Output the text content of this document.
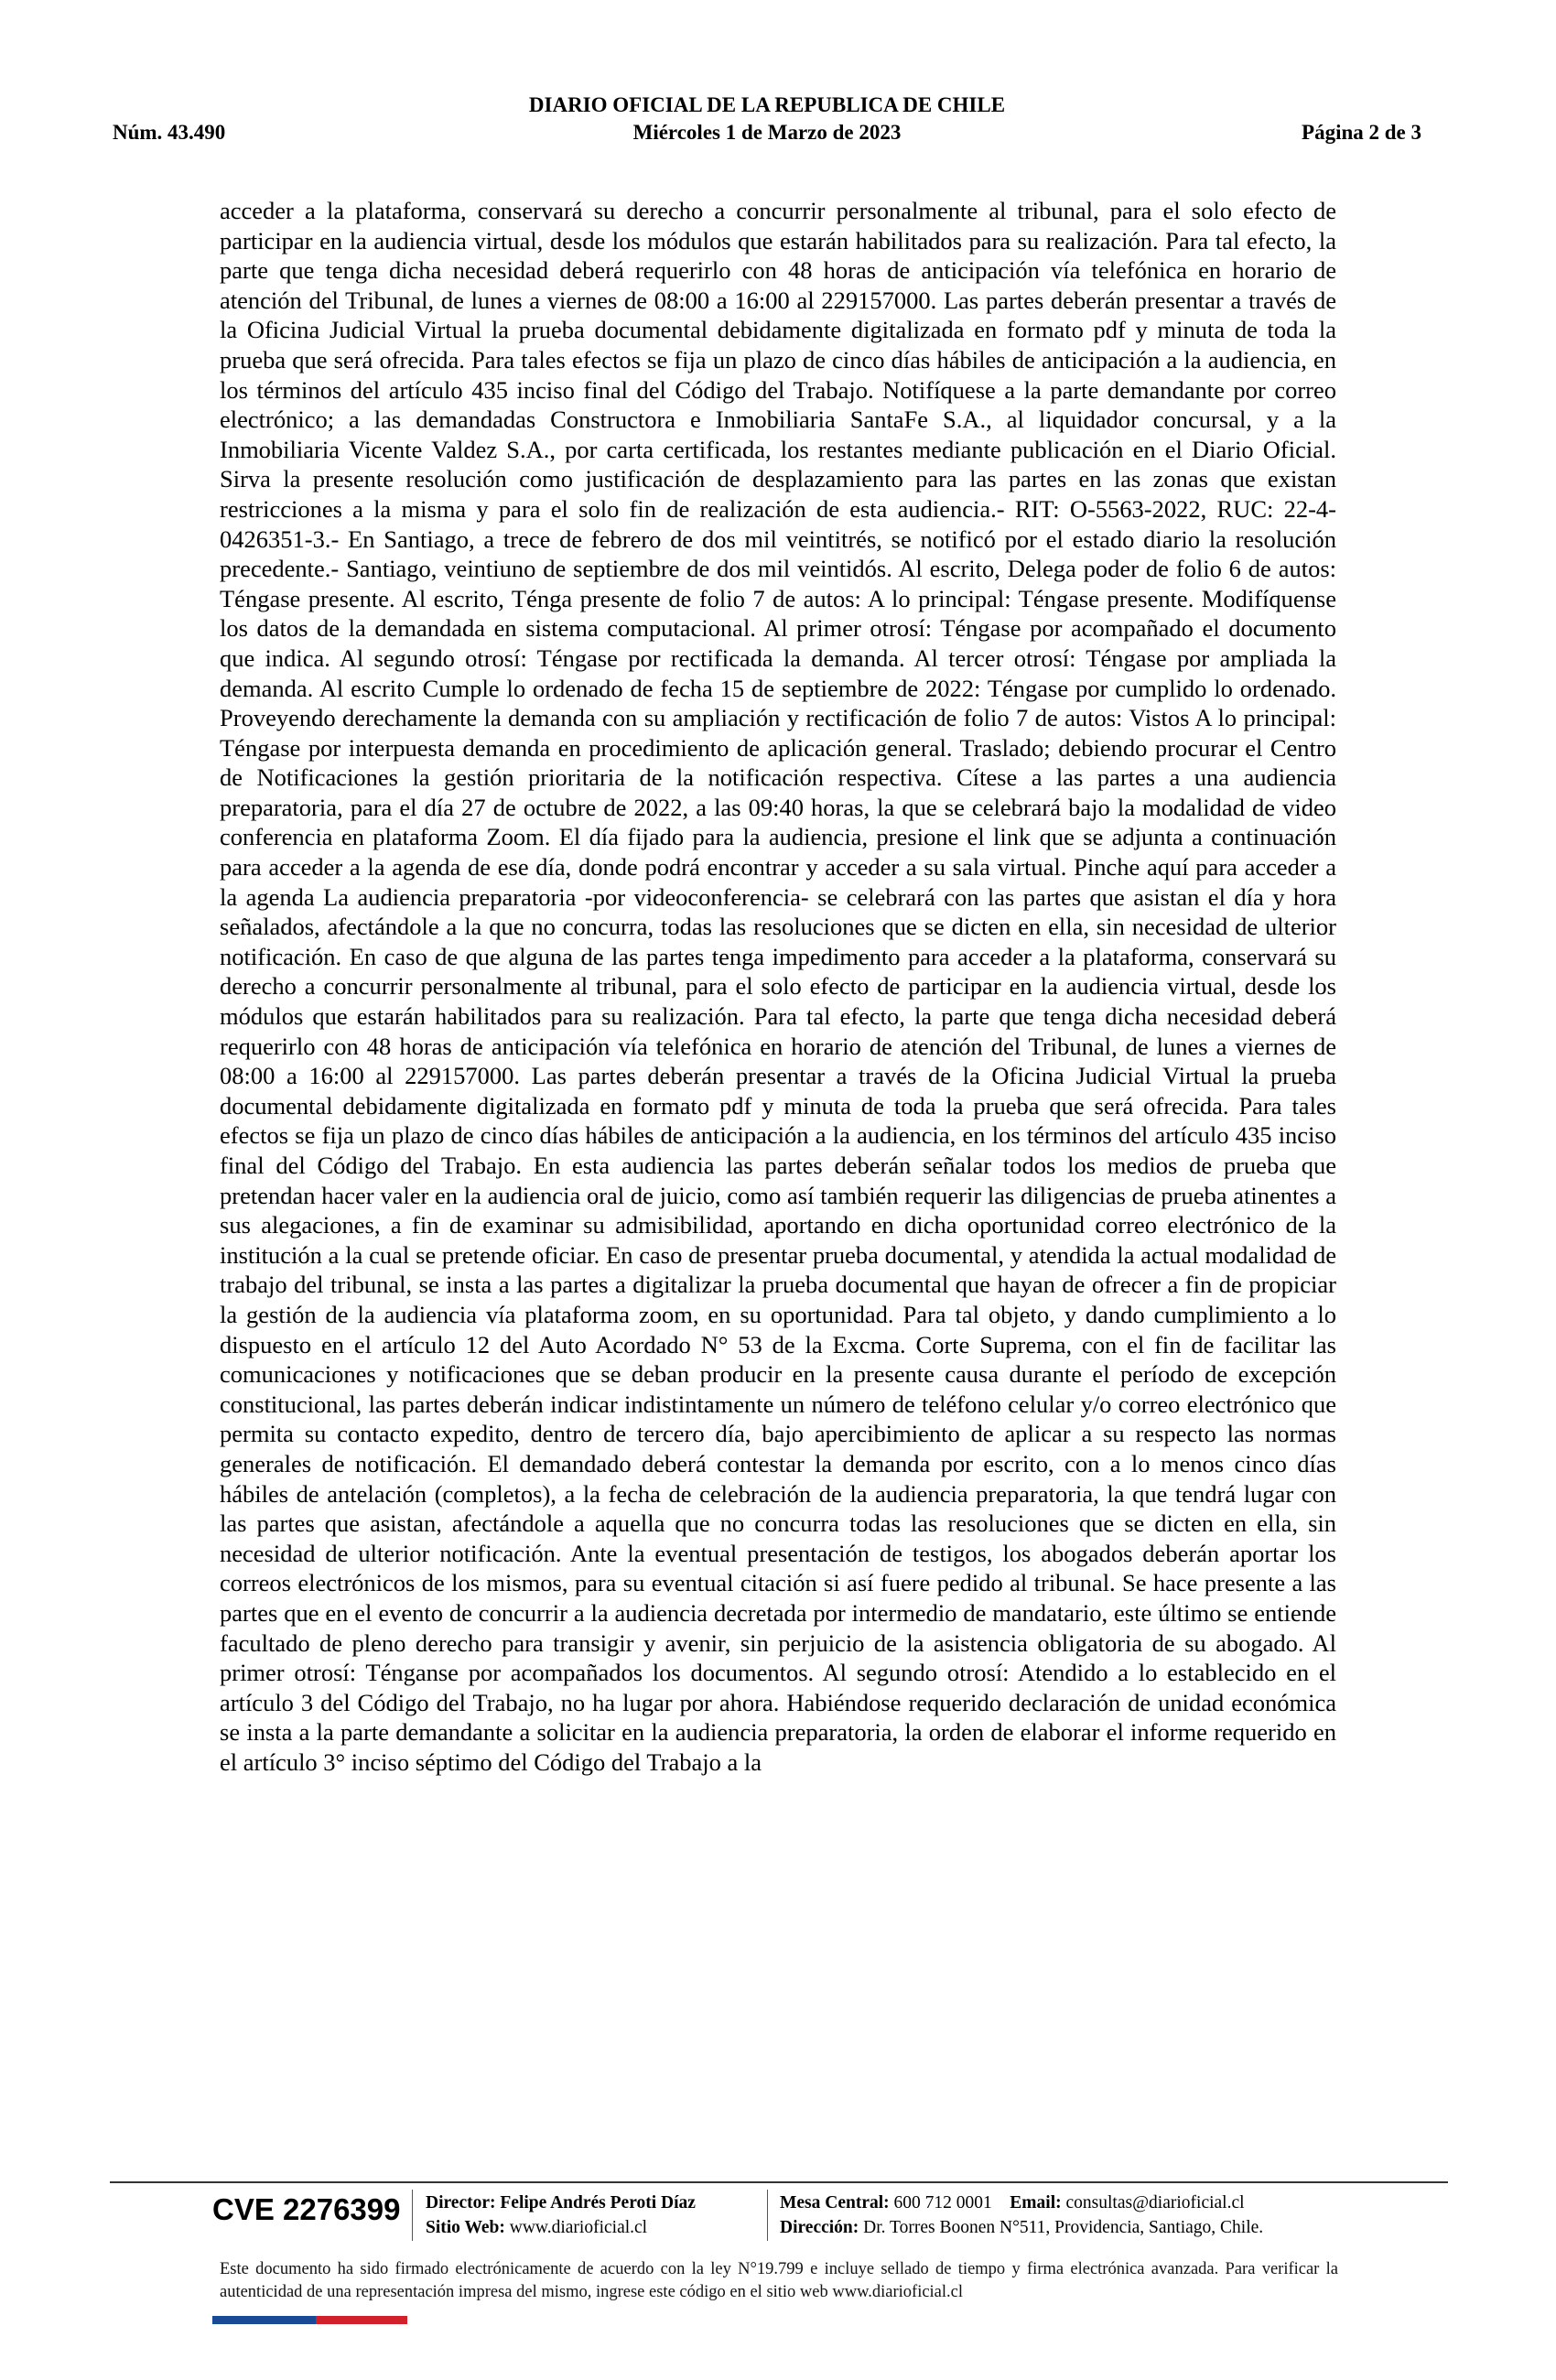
DIARIO OFICIAL DE LA REPUBLICA DE CHILE
Núm. 43.490	Miércoles 1 de Marzo de 2023	Página 2 de 3

acceder a la plataforma, conservará su derecho a concurrir personalmente al tribunal, para el solo efecto de participar en la audiencia virtual, desde los módulos que estarán habilitados para su realización. Para tal efecto, la parte que tenga dicha necesidad deberá requerirlo con 48 horas de anticipación vía telefónica en horario de atención del Tribunal, de lunes a viernes de 08:00 a 16:00 al 229157000. Las partes deberán presentar a través de la Oficina Judicial Virtual la prueba documental debidamente digitalizada en formato pdf y minuta de toda la prueba que será ofrecida. Para tales efectos se fija un plazo de cinco días hábiles de anticipación a la audiencia, en los términos del artículo 435 inciso final del Código del Trabajo. Notifíquese a la parte demandante por correo electrónico; a las demandadas Constructora e Inmobiliaria SantaFe S.A., al liquidador concursal, y a la Inmobiliaria Vicente Valdez S.A., por carta certificada, los restantes mediante publicación en el Diario Oficial. Sirva la presente resolución como justificación de desplazamiento para las partes en las zonas que existan restricciones a la misma y para el solo fin de realización de esta audiencia.- RIT: O-5563-2022, RUC: 22-4-0426351-3.- En Santiago, a trece de febrero de dos mil veintitrés, se notificó por el estado diario la resolución precedente.- Santiago, veintiuno de septiembre de dos mil veintidós. Al escrito, Delega poder de folio 6 de autos: Téngase presente. Al escrito, Ténga presente de folio 7 de autos: A lo principal: Téngase presente. Modifíquense los datos de la demandada en sistema computacional. Al primer otrosí: Téngase por acompañado el documento que indica. Al segundo otrosí: Téngase por rectificada la demanda. Al tercer otrosí: Téngase por ampliada la demanda. Al escrito Cumple lo ordenado de fecha 15 de septiembre de 2022: Téngase por cumplido lo ordenado. Proveyendo derechamente la demanda con su ampliación y rectificación de folio 7 de autos: Vistos A lo principal: Téngase por interpuesta demanda en procedimiento de aplicación general. Traslado; debiendo procurar el Centro de Notificaciones la gestión prioritaria de la notificación respectiva. Cítese a las partes a una audiencia preparatoria, para el día 27 de octubre de 2022, a las 09:40 horas, la que se celebrará bajo la modalidad de video conferencia en plataforma Zoom. El día fijado para la audiencia, presione el link que se adjunta a continuación para acceder a la agenda de ese día, donde podrá encontrar y acceder a su sala virtual. Pinche aquí para acceder a la agenda La audiencia preparatoria -por videoconferencia- se celebrará con las partes que asistan el día y hora señalados, afectándole a la que no concurra, todas las resoluciones que se dicten en ella, sin necesidad de ulterior notificación. En caso de que alguna de las partes tenga impedimento para acceder a la plataforma, conservará su derecho a concurrir personalmente al tribunal, para el solo efecto de participar en la audiencia virtual, desde los módulos que estarán habilitados para su realización. Para tal efecto, la parte que tenga dicha necesidad deberá requerirlo con 48 horas de anticipación vía telefónica en horario de atención del Tribunal, de lunes a viernes de 08:00 a 16:00 al 229157000. Las partes deberán presentar a través de la Oficina Judicial Virtual la prueba documental debidamente digitalizada en formato pdf y minuta de toda la prueba que será ofrecida. Para tales efectos se fija un plazo de cinco días hábiles de anticipación a la audiencia, en los términos del artículo 435 inciso final del Código del Trabajo. En esta audiencia las partes deberán señalar todos los medios de prueba que pretendan hacer valer en la audiencia oral de juicio, como así también requerir las diligencias de prueba atinentes a sus alegaciones, a fin de examinar su admisibilidad, aportando en dicha oportunidad correo electrónico de la institución a la cual se pretende oficiar. En caso de presentar prueba documental, y atendida la actual modalidad de trabajo del tribunal, se insta a las partes a digitalizar la prueba documental que hayan de ofrecer a fin de propiciar la gestión de la audiencia vía plataforma zoom, en su oportunidad. Para tal objeto, y dando cumplimiento a lo dispuesto en el artículo 12 del Auto Acordado N° 53 de la Excma. Corte Suprema, con el fin de facilitar las comunicaciones y notificaciones que se deban producir en la presente causa durante el período de excepción constitucional, las partes deberán indicar indistintamente un número de teléfono celular y/o correo electrónico que permita su contacto expedito, dentro de tercero día, bajo apercibimiento de aplicar a su respecto las normas generales de notificación. El demandado deberá contestar la demanda por escrito, con a lo menos cinco días hábiles de antelación (completos), a la fecha de celebración de la audiencia preparatoria, la que tendrá lugar con las partes que asistan, afectándole a aquella que no concurra todas las resoluciones que se dicten en ella, sin necesidad de ulterior notificación. Ante la eventual presentación de testigos, los abogados deberán aportar los correos electrónicos de los mismos, para su eventual citación si así fuere pedido al tribunal. Se hace presente a las partes que en el evento de concurrir a la audiencia decretada por intermedio de mandatario, este último se entiende facultado de pleno derecho para transigir y avenir, sin perjuicio de la asistencia obligatoria de su abogado. Al primer otrosí: Ténganse por acompañados los documentos. Al segundo otrosí: Atendido a lo establecido en el artículo 3 del Código del Trabajo, no ha lugar por ahora. Habiéndose requerido declaración de unidad económica se insta a la parte demandante a solicitar en la audiencia preparatoria, la orden de elaborar el informe requerido en el artículo 3° inciso séptimo del Código del Trabajo a la

CVE 2276399 Director: Felipe Andrés Peroti Díaz
Sitio Web: www.diarioficial.cl
Mesa Central: 600 712 0001 Email: consultas@diarioficial.cl
Dirección: Dr. Torres Boonen N°511, Providencia, Santiago, Chile.
Este documento ha sido firmado electrónicamente de acuerdo con la ley N°19.799 e incluye sellado de tiempo y firma electrónica avanzada. Para verificar la autenticidad de una representación impresa del mismo, ingrese este código en el sitio web www.diarioficial.cl
